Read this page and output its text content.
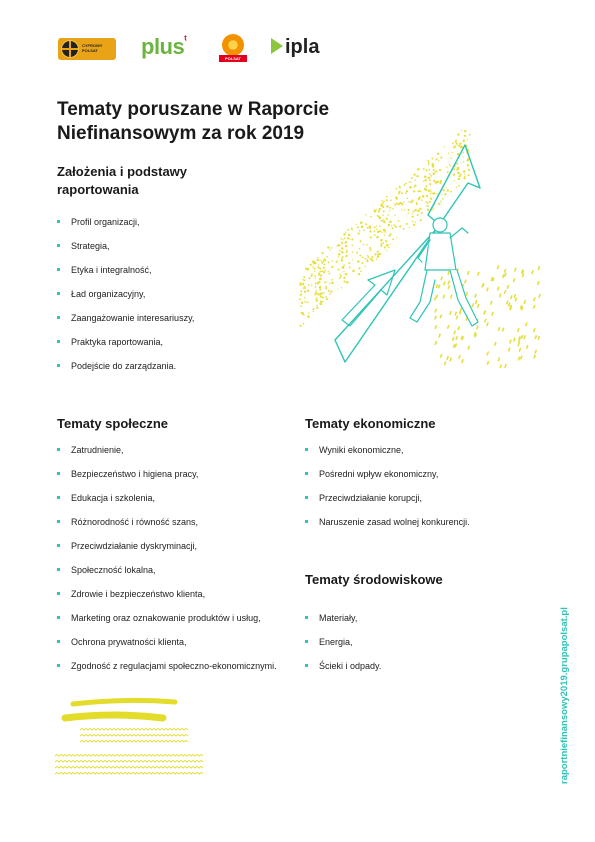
CYFROWY POLSAT	plus$^ᵗ$
POLSAT
ipla
Tematy poruszane w Raporcie Niefinansowym za rok 2019
Założenia i podstawy raportowania
Profil organizacji,
Strategia,
Etyka i integralność,
Ład organizacyjny,
Zaangażowanie interesariuszy,
Praktyka raportowania,
Podejście do zarządzania.
Tematy społeczne
Zatrudnienie,
Bezpieczeństwo i higiena pracy,
Edukacja i szkolenia,
Różnorodność i równość szans,
Przeciwdziałanie dyskryminacji,
Społeczność lokalna,
Zdrowie i bezpieczeństwo klienta,
Marketing oraz oznakowanie produktów i usług,
Ochrona prywatności klienta,
Zgodność z regulacjami społeczno-ekonomicznymi.
Tematy ekonomiczne
Wyniki ekonomiczne,
Pośredni wpływ ekonomiczny,
Przeciwdziałanie korupcji,
Naruszenie zasad wolnej konkurencji.
Tematy środowiskowe
Materiały,
Energia,
Ścieki i odpady.	raportniefinansowy2019.grupapolsat.pl
